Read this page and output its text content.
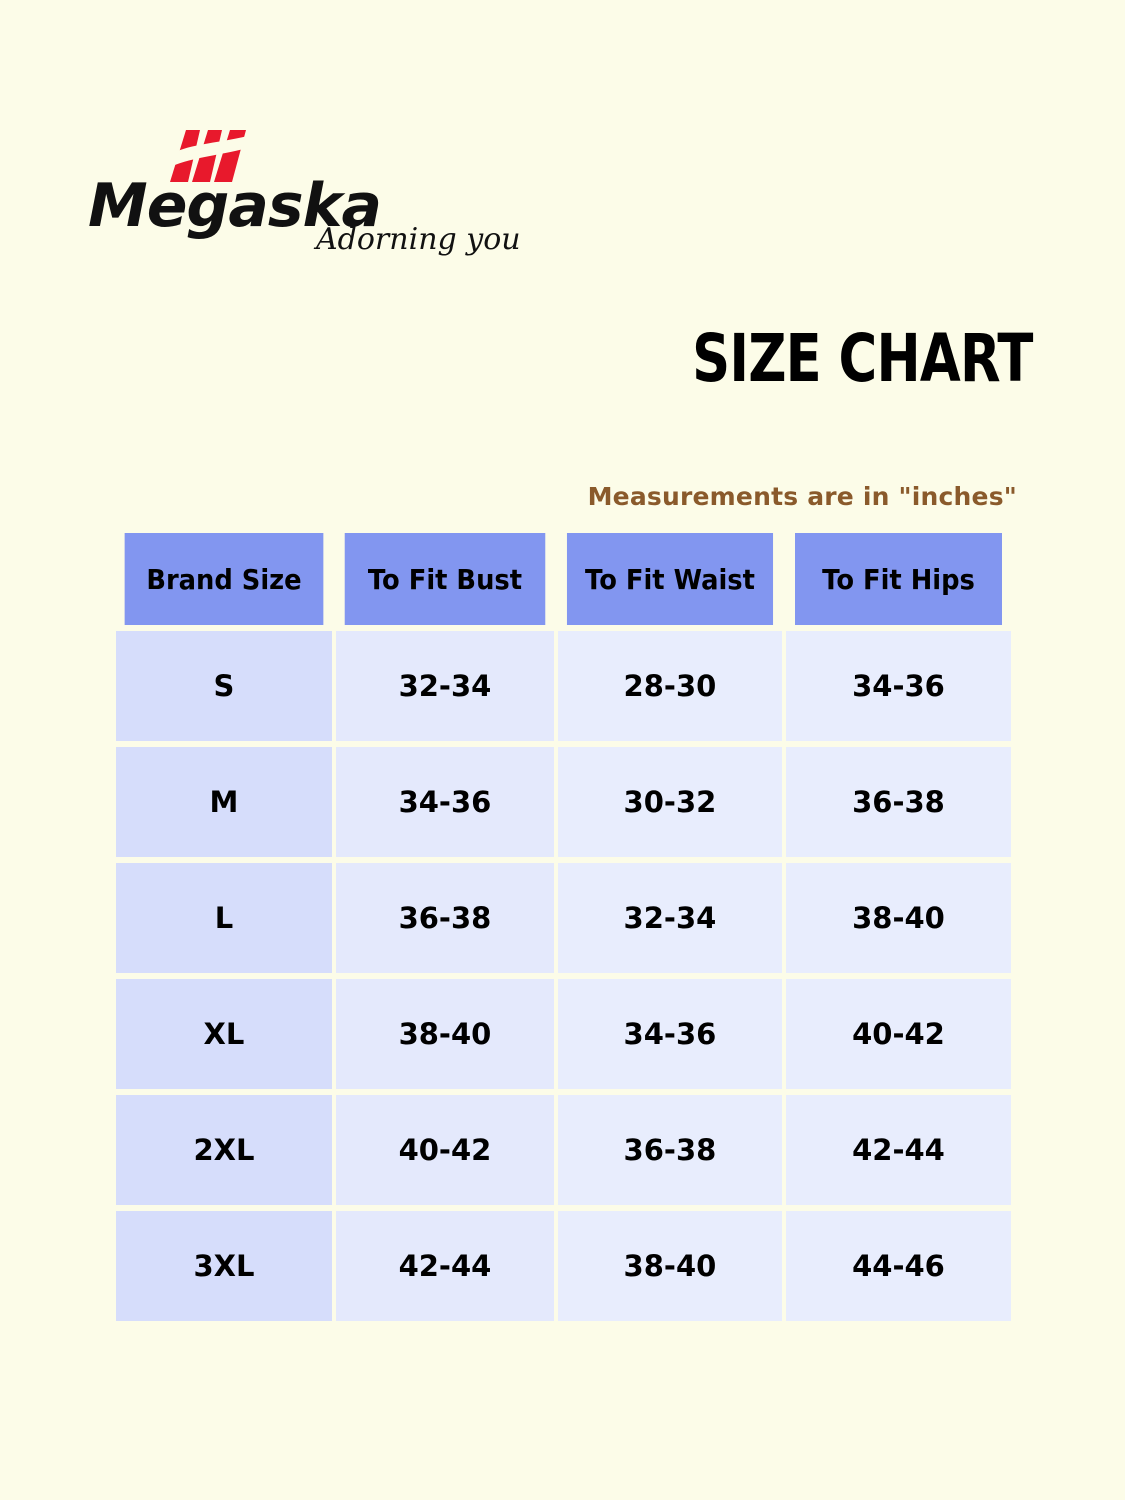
Megaska
Adorning you
SIZE CHART
Measurements are in "inches"
Brand Size	To Fit Bust	To Fit Waist	To Fit Hips
S	32-34	28-30	34-36
M	34-36	30-32	36-38
L	36-38	32-34	38-40
XL	38-40	34-36	40-42
2XL	40-42	36-38	42-44
3XL	42-44	38-40	44-46
